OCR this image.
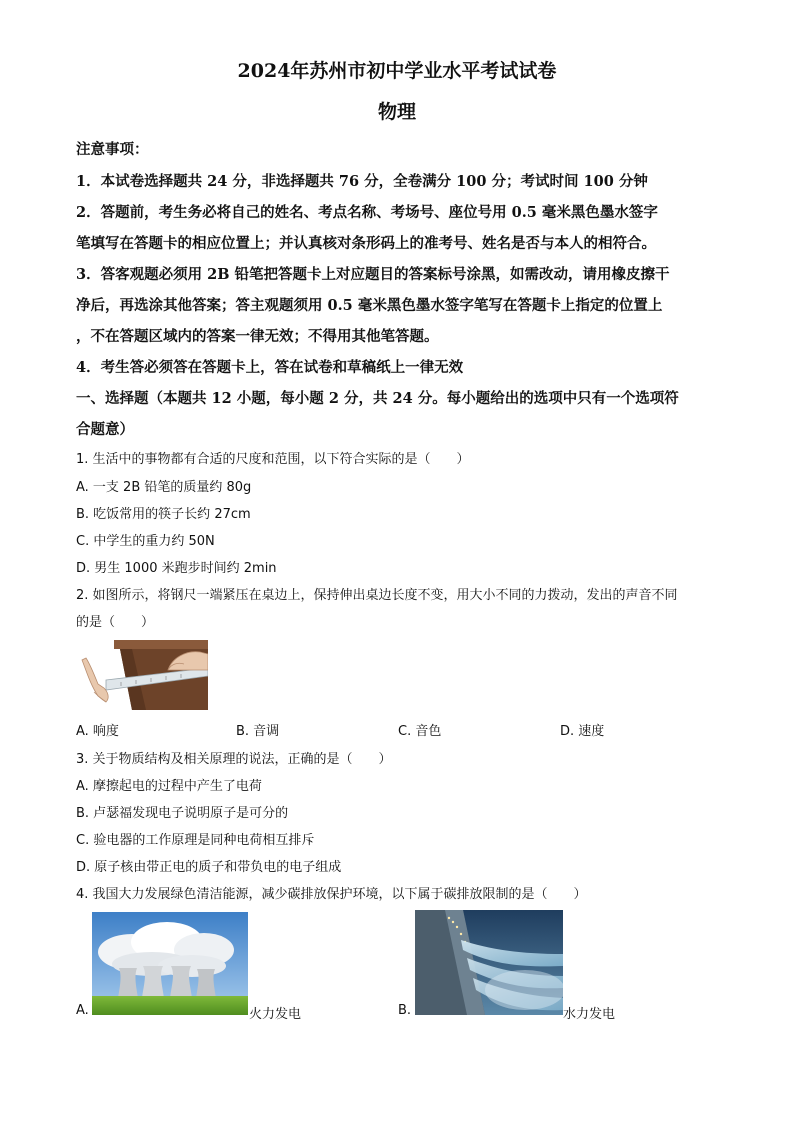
2024年苏州市初中学业水平考试试卷
物理
注意事项：
1．本试卷选择题共 24 分，非选择题共 76 分，全卷满分 100 分；考试时间 100 分钟
2．答题前，考生务必将自己的姓名、考点名称、考场号、座位号用 0.5 毫米黑色墨水签字
笔填写在答题卡的相应位置上；并认真核对条形码上的准考号、姓名是否与本人的相符合。
3．答客观题必须用 2B 铅笔把答题卡上对应题目的答案标号涂黑，如需改动，请用橡皮擦干
净后，再选涂其他答案；答主观题须用 0.5 毫米黑色墨水签字笔写在答题卡上指定的位置上
，不在答题区域内的答案一律无效；不得用其他笔答题。
4．考生答必须答在答题卡上，答在试卷和草稿纸上一律无效
一、选择题（本题共 12 小题，每小题 2 分，共 24 分。每小题给出的选项中只有一个选项符
合题意）
1. 生活中的事物都有合适的尺度和范围，以下符合实际的是（　　）
A. 一支 2B 铅笔的质量约 80g
B. 吃饭常用的筷子长约 27cm
C. 中学生的重力约 50N
D. 男生 1000 米跑步时间约 2min
2. 如图所示，将钢尺一端紧压在桌边上，保持伸出桌边长度不变，用大小不同的力拨动，发出的声音不同
的是（　　）
A. 响度	B. 音调	C. 音色	D. 速度
3. 关于物质结构及相关原理的说法，正确的是（　　）
A. 摩擦起电的过程中产生了电荷
B. 卢瑟福发现电子说明原子是可分的
C. 验电器的工作原理是同种电荷相互排斥
D. 原子核由带正电的质子和带负电的电子组成
4. 我国大力发展绿色清洁能源，减少碳排放保护环境，以下属于碳排放限制的是（　　）
A.	火力发电	B.	水力发电
